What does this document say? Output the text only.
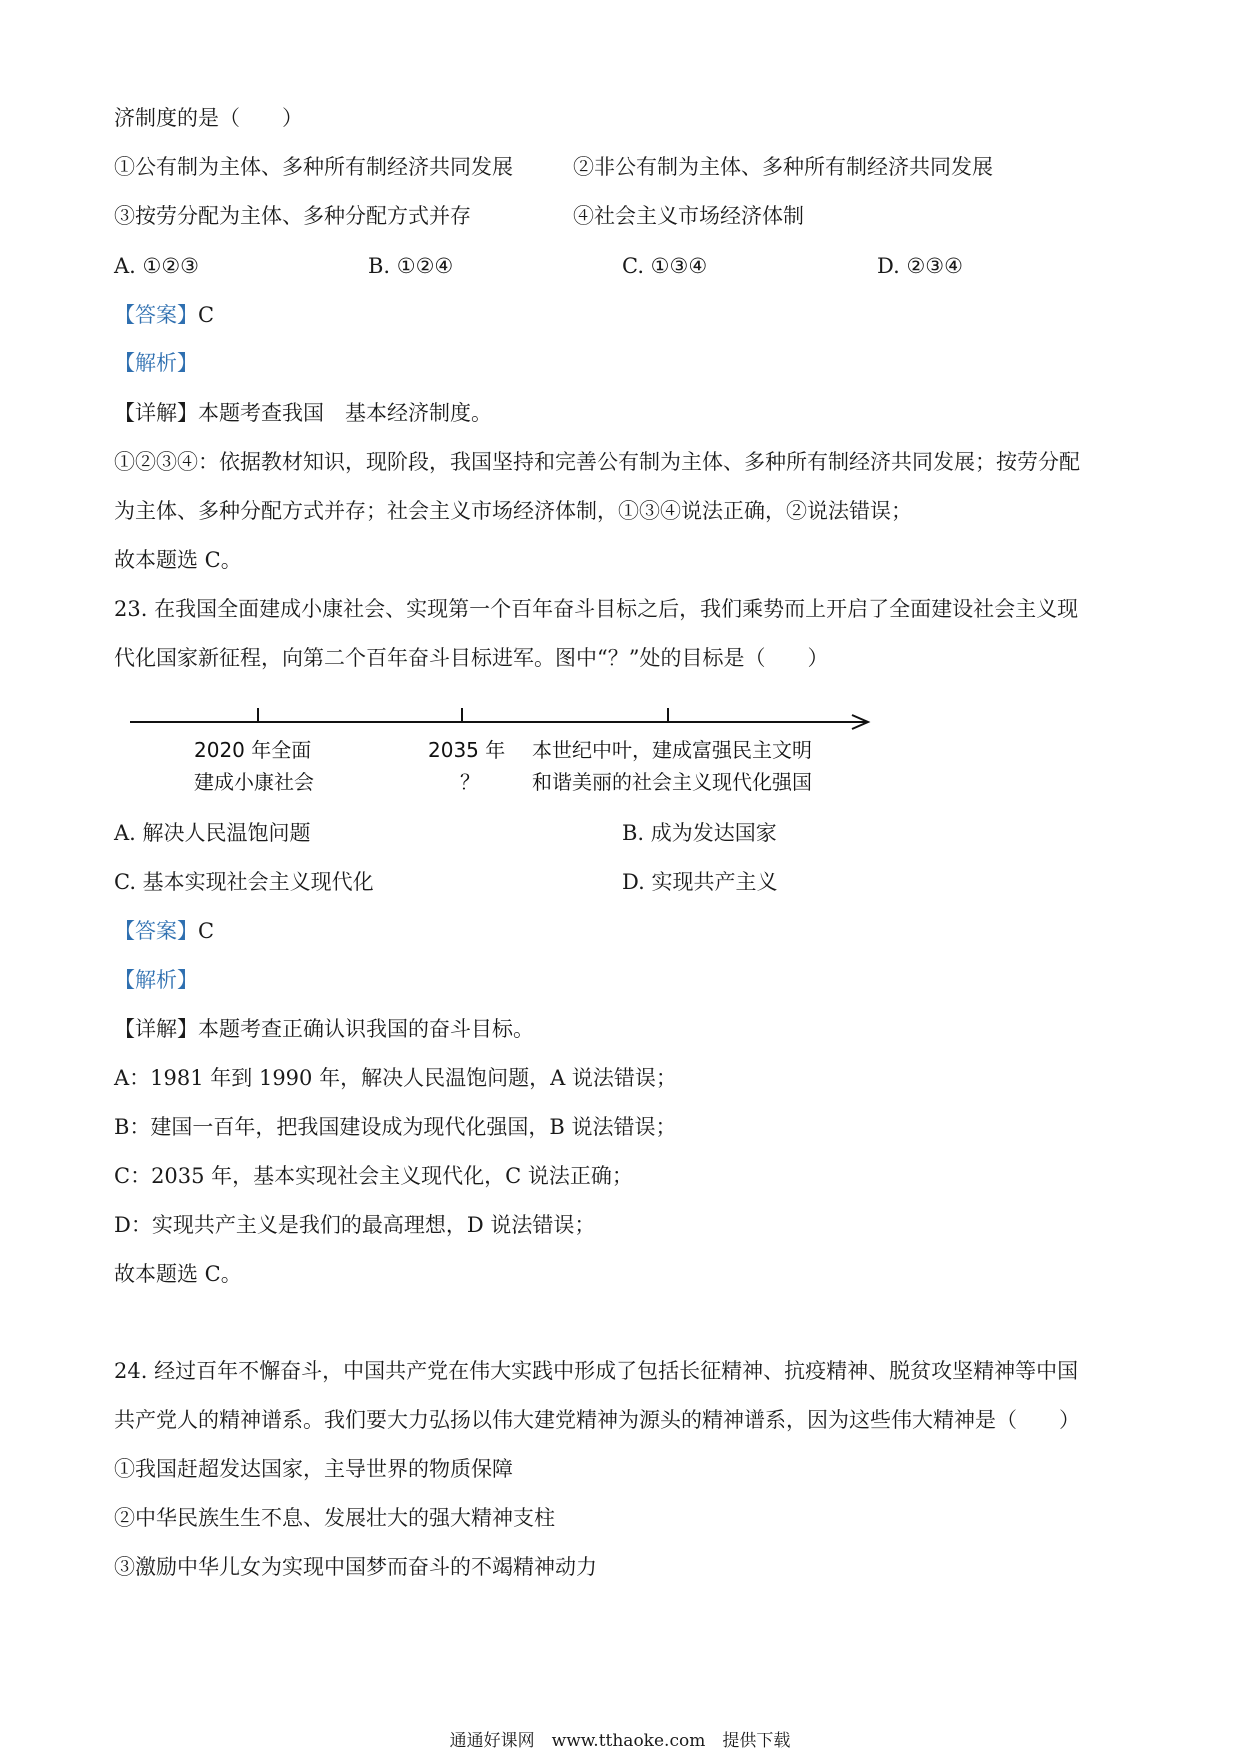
济制度的是（　　）
①公有制为主体、多种所有制经济共同发展	②非公有制为主体、多种所有制经济共同发展
③按劳分配为主体、多种分配方式并存	④社会主义市场经济体制
A. ①②③	B. ①②④	C. ①③④	D. ②③④
【答案】C
【解析】
【详解】本题考查我国　基本经济制度。
①②③④：依据教材知识，现阶段，我国坚持和完善公有制为主体、多种所有制经济共同发展；按劳分配
为主体、多种分配方式并存；社会主义市场经济体制，①③④说法正确，②说法错误；
故本题选 C。
23. 在我国全面建成小康社会、实现第一个百年奋斗目标之后，我们乘势而上开启了全面建设社会主义现
代化国家新征程，向第二个百年奋斗目标进军。图中“？”处的目标是（　　）
2020 年全面
建成小康社会
2035 年
？
本世纪中叶，建成富强民主文明
和谐美丽的社会主义现代化强国
A. 解决人民温饱问题	B. 成为发达国家
C. 基本实现社会主义现代化	D. 实现共产主义
【答案】C
【解析】
【详解】本题考查正确认识我国的奋斗目标。
A：1981 年到 1990 年，解决人民温饱问题，A 说法错误；
B：建国一百年，把我国建设成为现代化强国，B 说法错误；
C：2035 年，基本实现社会主义现代化，C 说法正确；
D：实现共产主义是我们的最高理想，D 说法错误；
故本题选 C。
24. 经过百年不懈奋斗，中国共产党在伟大实践中形成了包括长征精神、抗疫精神、脱贫攻坚精神等中国
共产党人的精神谱系。我们要大力弘扬以伟大建党精神为源头的精神谱系，因为这些伟大精神是（　　）
①我国赶超发达国家，主导世界的物质保障
②中华民族生生不息、发展壮大的强大精神支柱
③激励中华儿女为实现中国梦而奋斗的不竭精神动力
通通好课网　www.tthaoke.com　提供下载
